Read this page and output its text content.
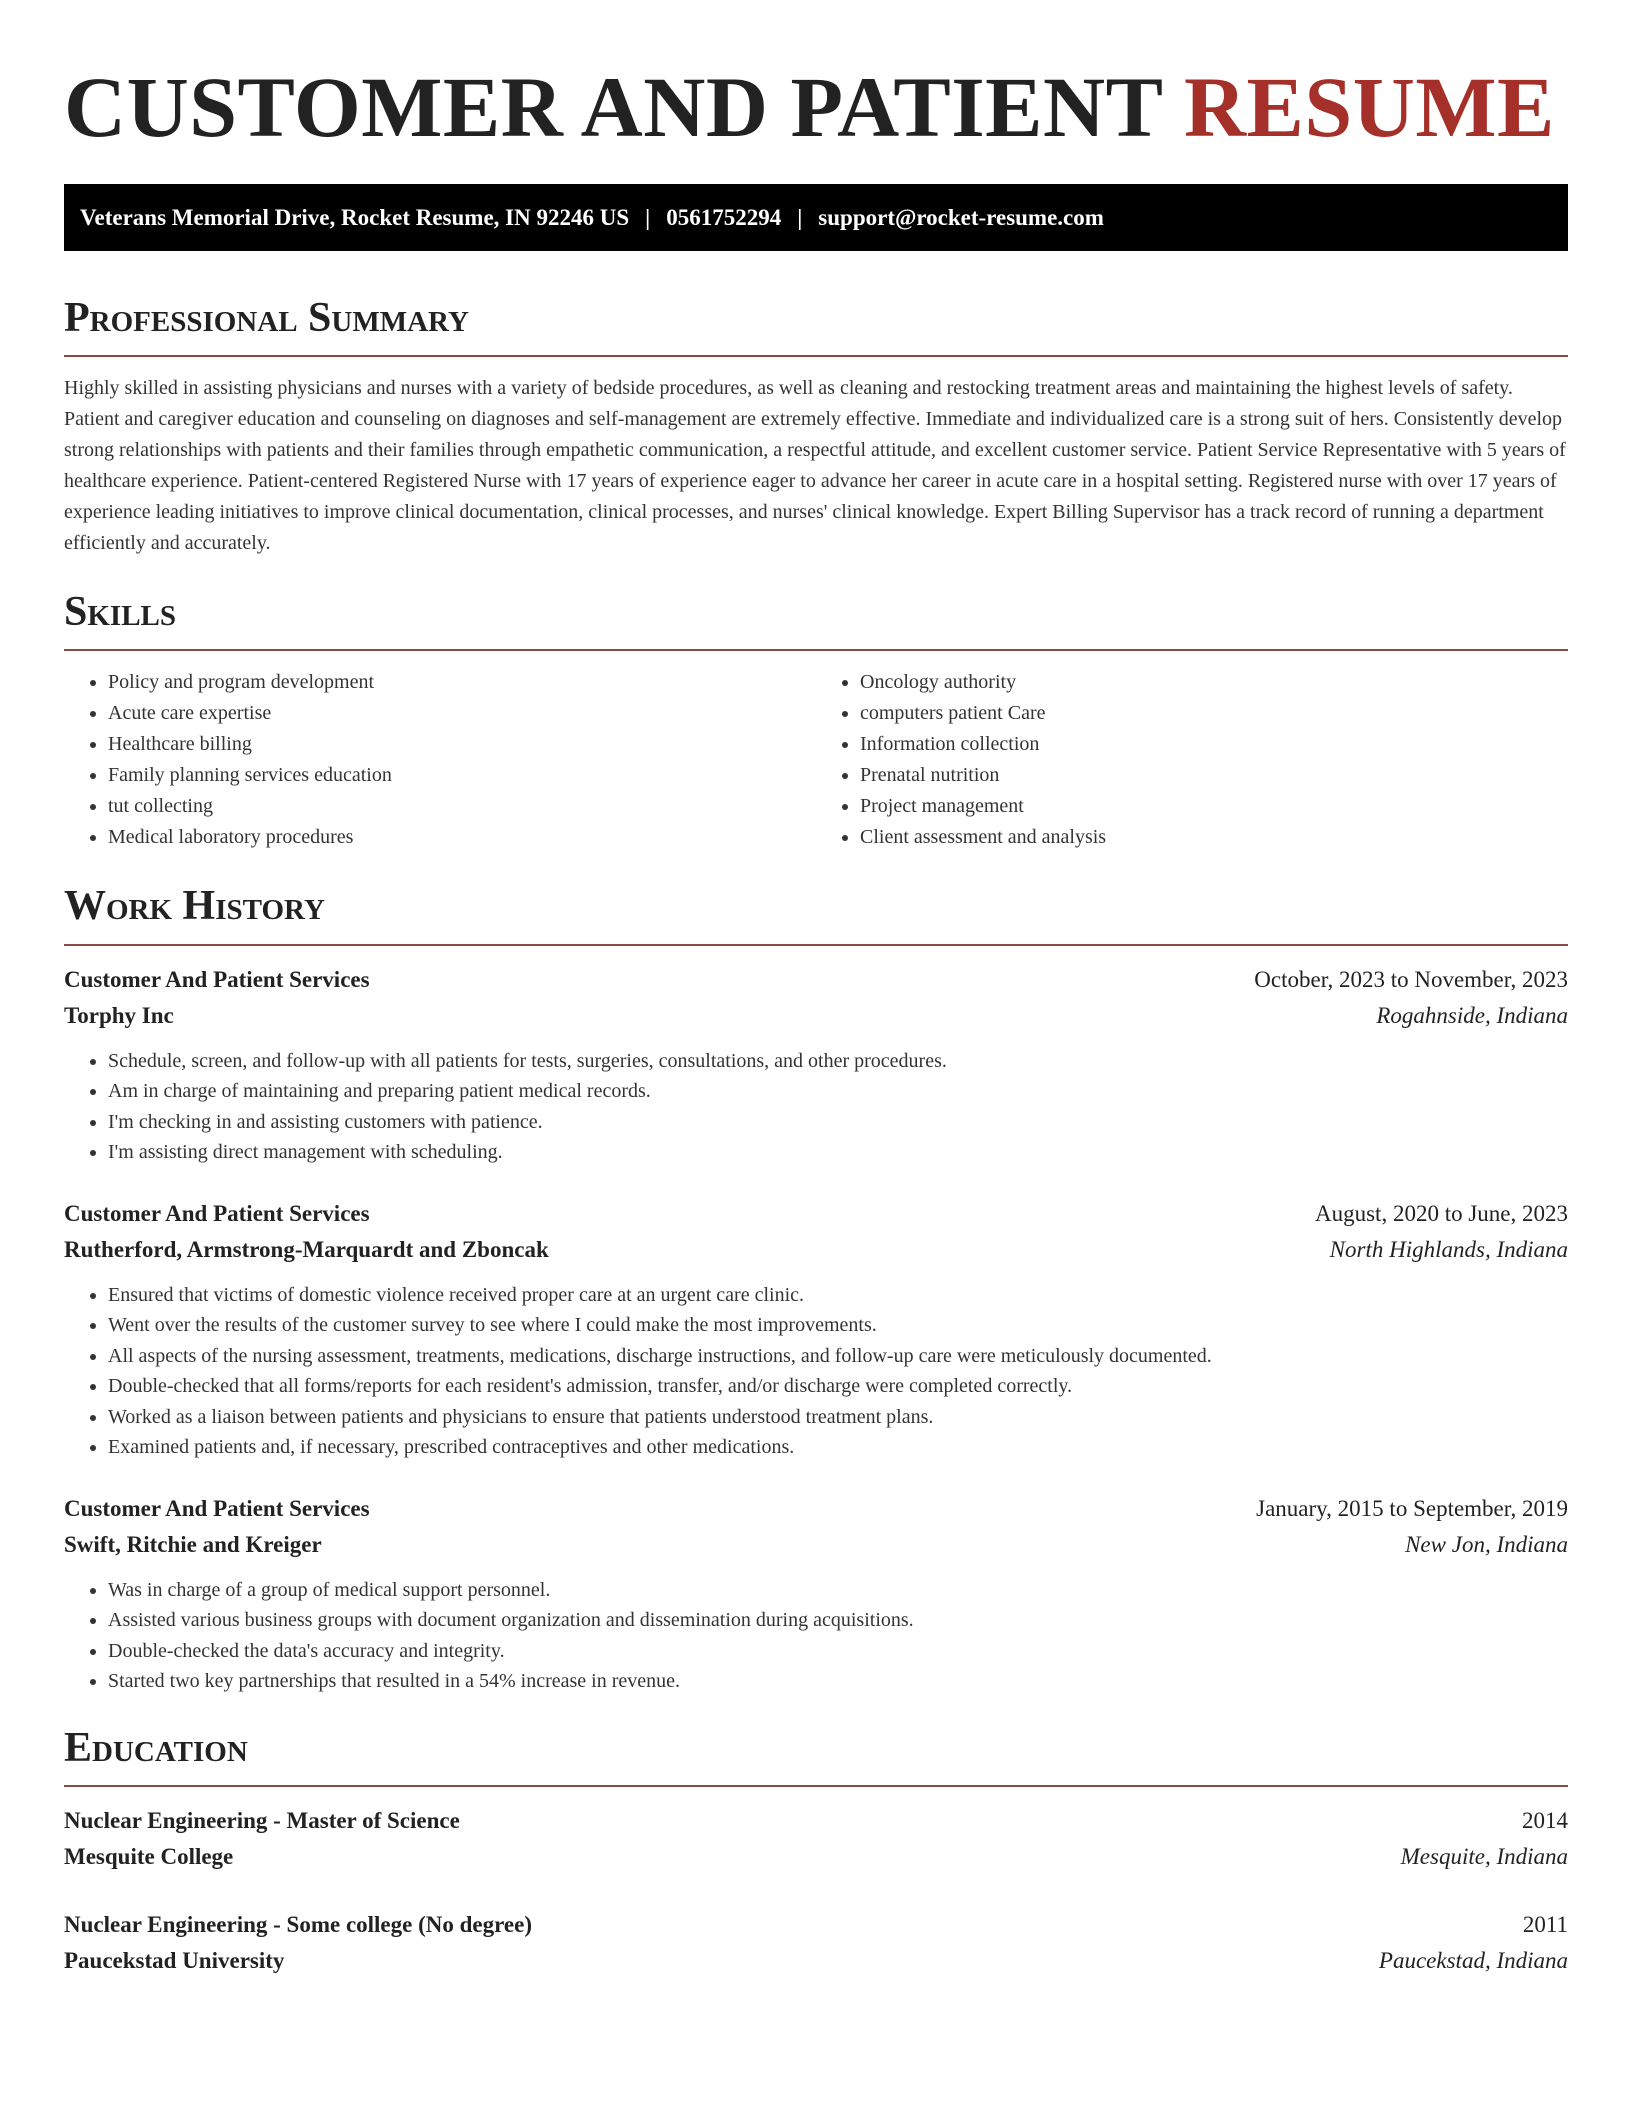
CUSTOMER AND PATIENT RESUME
Veterans Memorial Drive, Rocket Resume, IN 92246 US | 0561752294 | support@rocket-resume.com
Professional Summary

Highly skilled in assisting physicians and nurses with a variety of bedside procedures, as well as cleaning and restocking treatment areas and maintaining the highest levels of safety. Patient and caregiver education and counseling on diagnoses and self-management are extremely effective. Immediate and individualized care is a strong suit of hers. Consistently develop strong relationships with patients and their families through empathetic communication, a respectful attitude, and excellent customer service. Patient Service Representative with 5 years of healthcare experience. Patient-centered Registered Nurse with 17 years of experience eager to advance her career in acute care in a hospital setting. Registered nurse with over 17 years of experience leading initiatives to improve clinical documentation, clinical processes, and nurses' clinical knowledge. Expert Billing Supervisor has a track record of running a department efficiently and accurately.

Skills
• Policy and program development
• Acute care expertise
• Healthcare billing
• Family planning services education
• tut collecting
• Medical laboratory procedures
• Oncology authority
• computers patient Care
• Information collection
• Prenatal nutrition
• Project management
• Client assessment and analysis
Work History
Customer And Patient Services	October, 2023 to November, 2023
Torphy Inc	Rogahnside, Indiana
• Schedule, screen, and follow-up with all patients for tests, surgeries, consultations, and other procedures.
• Am in charge of maintaining and preparing patient medical records.
• I'm checking in and assisting customers with patience.
• I'm assisting direct management with scheduling.
Customer And Patient Services	August, 2020 to June, 2023
Rutherford, Armstrong-Marquardt and Zboncak	North Highlands, Indiana
• Ensured that victims of domestic violence received proper care at an urgent care clinic.
• Went over the results of the customer survey to see where I could make the most improvements.
• All aspects of the nursing assessment, treatments, medications, discharge instructions, and follow-up care were meticulously documented.
• Double-checked that all forms/reports for each resident's admission, transfer, and/or discharge were completed correctly.
• Worked as a liaison between patients and physicians to ensure that patients understood treatment plans.
• Examined patients and, if necessary, prescribed contraceptives and other medications.
Customer And Patient Services	January, 2015 to September, 2019
Swift, Ritchie and Kreiger	New Jon, Indiana
• Was in charge of a group of medical support personnel.
• Assisted various business groups with document organization and dissemination during acquisitions.
• Double-checked the data's accuracy and integrity.
• Started two key partnerships that resulted in a 54% increase in revenue.
Education
Nuclear Engineering - Master of Science	2014
Mesquite College	Mesquite, Indiana
Nuclear Engineering - Some college (No degree)	2011
Paucekstad University	Paucekstad, Indiana
